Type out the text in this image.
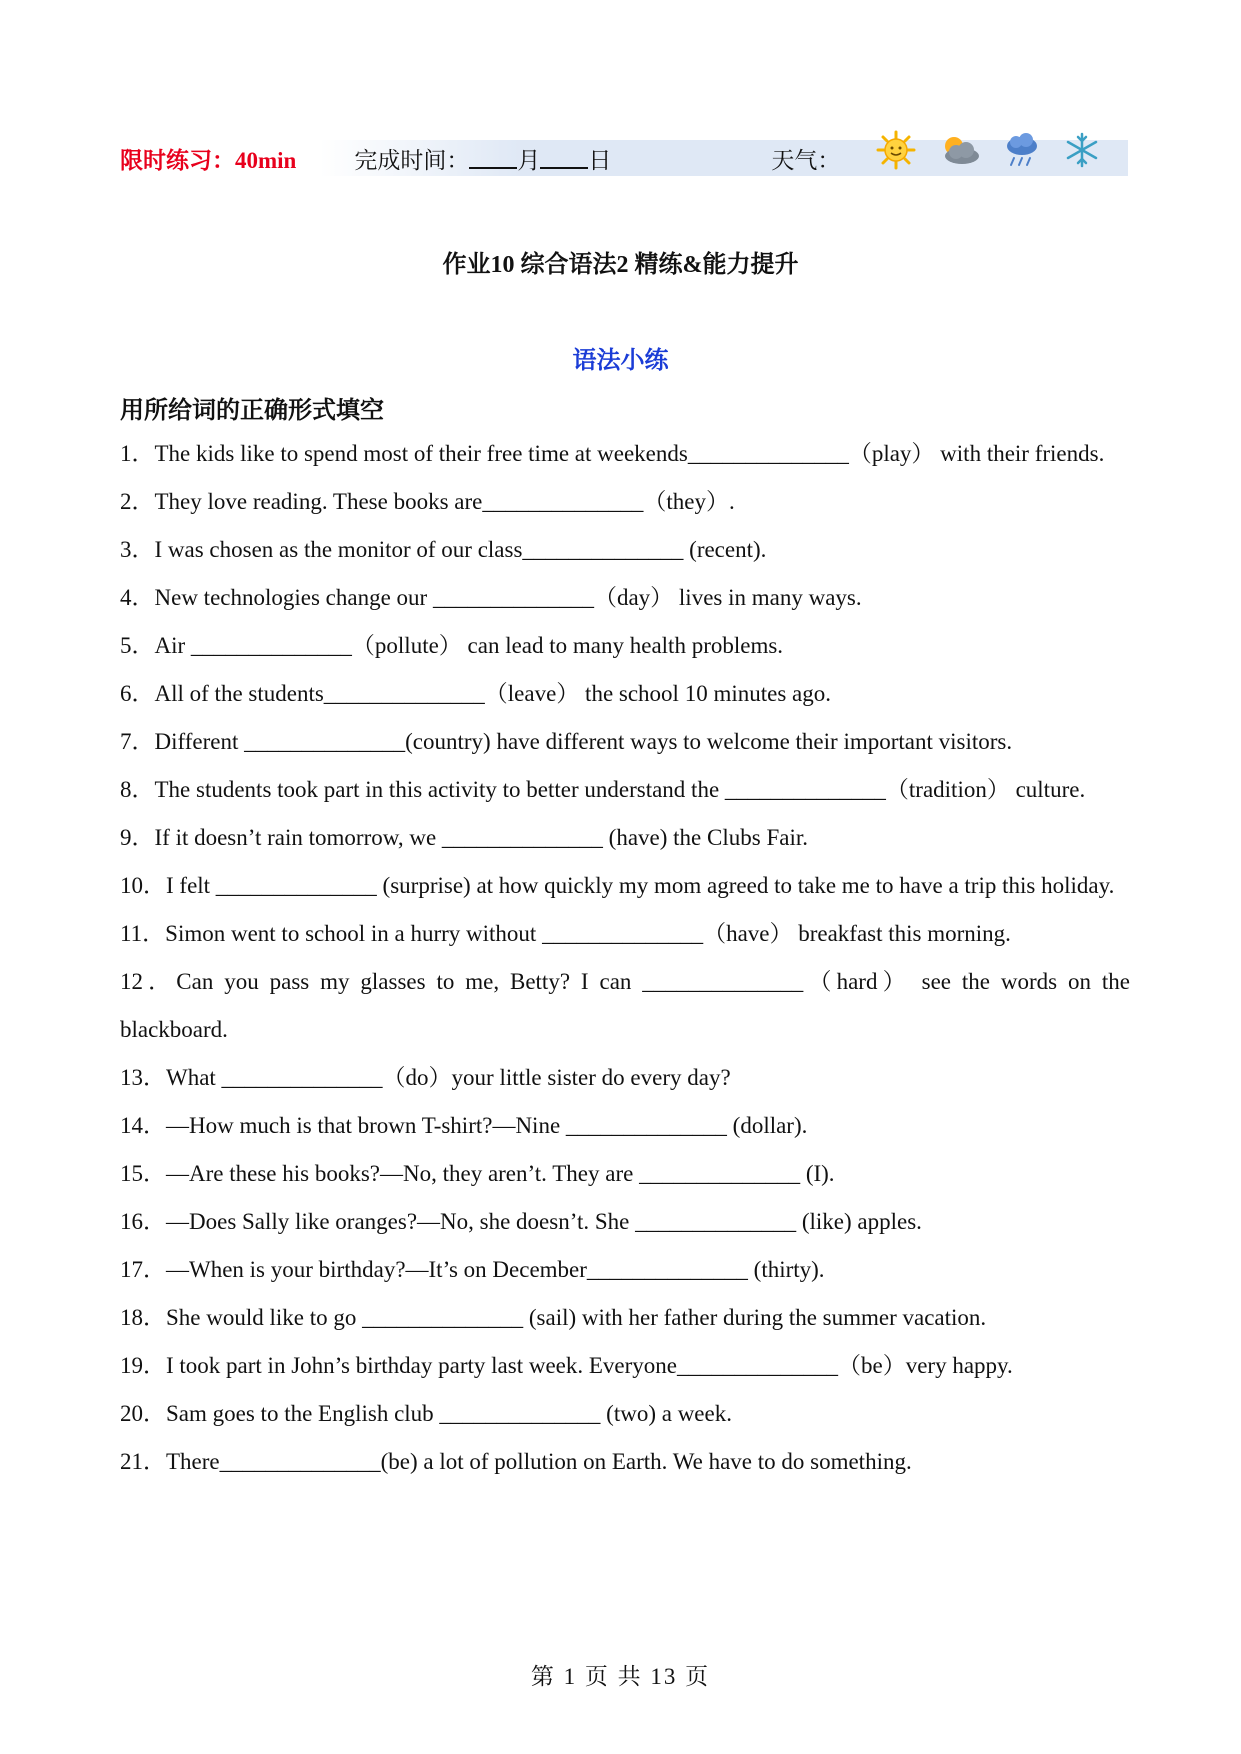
限时练习：40min	完成时间： 月 日	天气：
作业10 综合语法2 精练&能力提升
语法小练
用所给词的正确形式填空
1．The kids like to spend most of their free time at weekends______________（play） with their friends.
2．They love reading. These books are______________（they）.
3．I was chosen as the monitor of our class______________ (recent).
4．New technologies change our ______________（day） lives in many ways.
5．Air ______________（pollute） can lead to many health problems.
6．All of the students______________（leave） the school 10 minutes ago.
7．Different ______________(country) have different ways to welcome their important visitors.
8．The students took part in this activity to better understand the ______________（tradition） culture.
9．If it doesn’t rain tomorrow, we ______________ (have) the Clubs Fair.
10．I felt ______________ (surprise) at how quickly my mom agreed to take me to have a trip this holiday.
11．Simon went to school in a hurry without ______________（have） breakfast this morning.
12．Can you pass my glasses to me, Betty? I can ______________（hard） see the words on the blackboard.
13．What ______________（do）your little sister do every day?
14．—How much is that brown T-shirt?—Nine ______________ (dollar).
15．—Are these his books?—No, they aren’t. They are ______________ (I).
16．—Does Sally like oranges?—No, she doesn’t. She ______________ (like) apples.
17．—When is your birthday?—It’s on December______________ (thirty).
18．She would like to go ______________ (sail) with her father during the summer vacation.
19．I took part in John’s birthday party last week. Everyone______________（be）very happy.
20．Sam goes to the English club ______________ (two) a week.
21．There______________(be) a lot of pollution on Earth. We have to do something.
第 1 页 共 13 页
